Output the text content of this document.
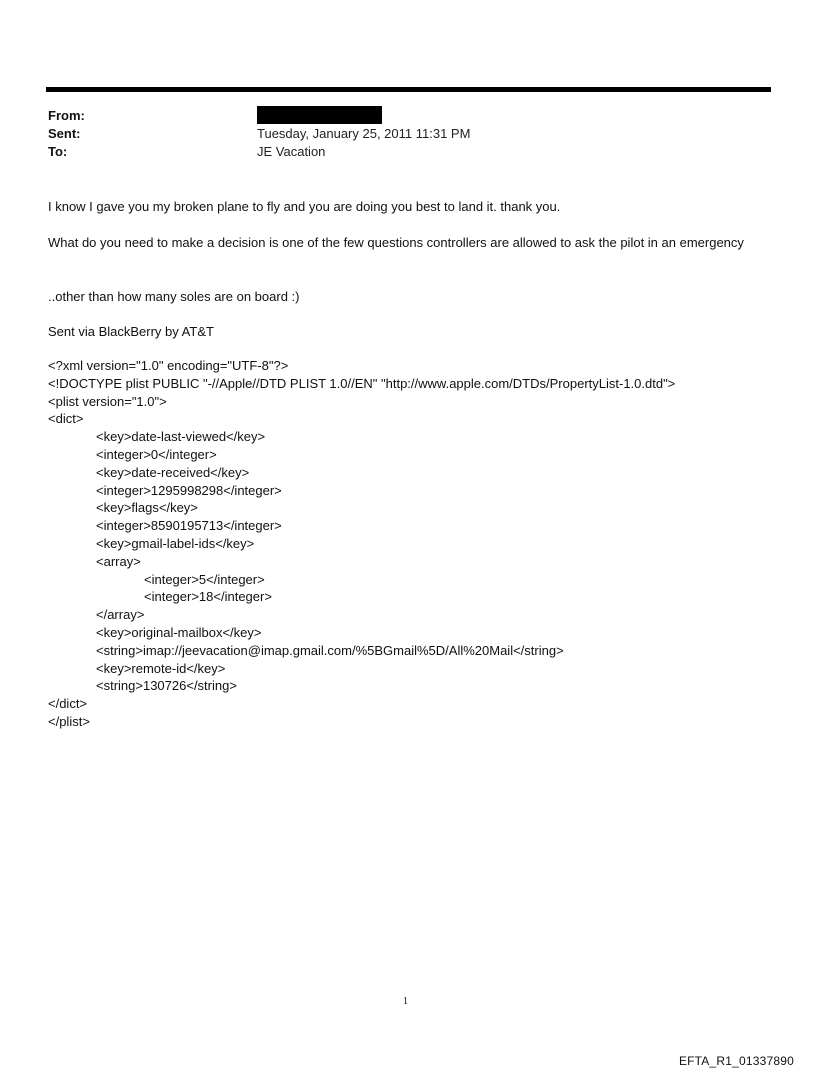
From:
Sent:	Tuesday, January 25, 2011 11:31 PM
To:	JE Vacation
I know I gave you my broken plane to fly and you are doing you best to land it. thank you.
What do you need to make a decision is one of the few questions controllers are allowed to ask the pilot in an emergency
..other than how many soles are on board :)
Sent via BlackBerry by AT&T
<?xml version="1.0" encoding="UTF-8"?>
<!DOCTYPE plist PUBLIC "-//Apple//DTD PLIST 1.0//EN" "http://www.apple.com/DTDs/PropertyList-1.0.dtd">
<plist version="1.0">
<dict>
<key>date-last-viewed</key>
<integer>0</integer>
<key>date-received</key>
<integer>1295998298</integer>
<key>flags</key>
<integer>8590195713</integer>
<key>gmail-label-ids</key>
<array>
<integer>5</integer>
<integer>18</integer>
</array>
<key>original-mailbox</key>
<string>imap://jeevacation@imap.gmail.com/%5BGmail%5D/All%20Mail</string>
<key>remote-id</key>
<string>130726</string>
</dict>
</plist>
1
EFTA_R1_01337890
